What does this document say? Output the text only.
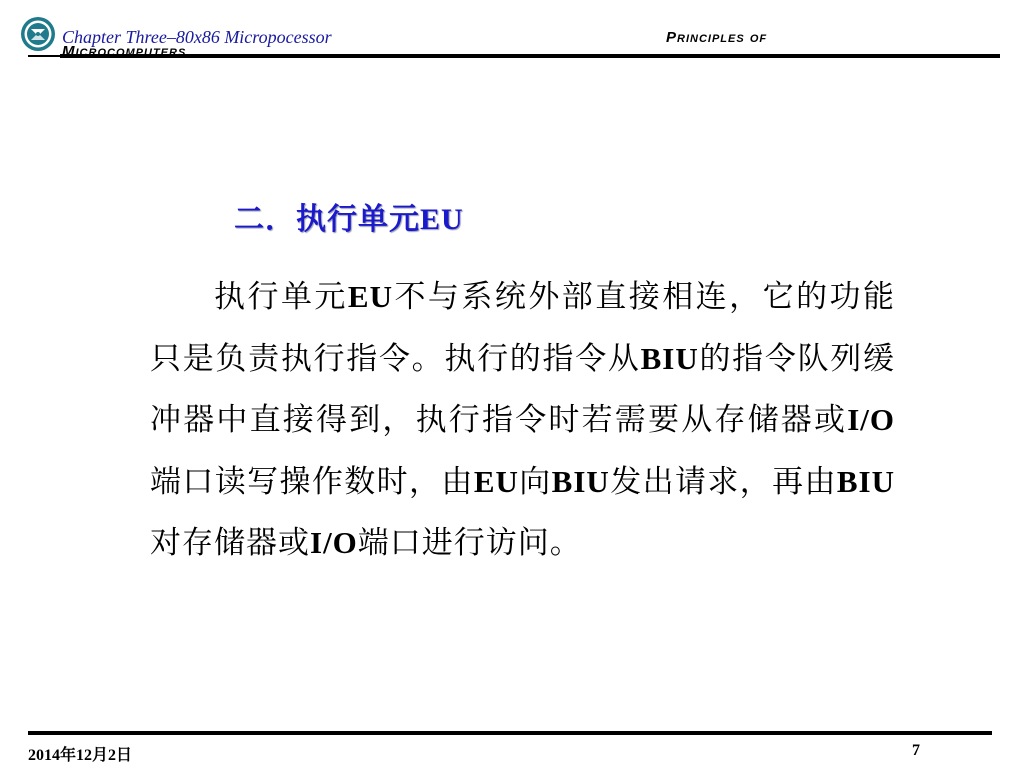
Chapter Three–80x86 Micropocessor	Principles of
Microcomputers
二．执行单元EU

执行单元EU不与系统外部直接相连，它的功能只是负责执行指令。执行的指令从BIU的指令队列缓冲器中直接得到，执行指令时若需要从存储器或I/O端口读写操作数时，由EU向BIU发出请求，再由BIU对存储器或I/O端口进行访问。

2014年12月2日	7
